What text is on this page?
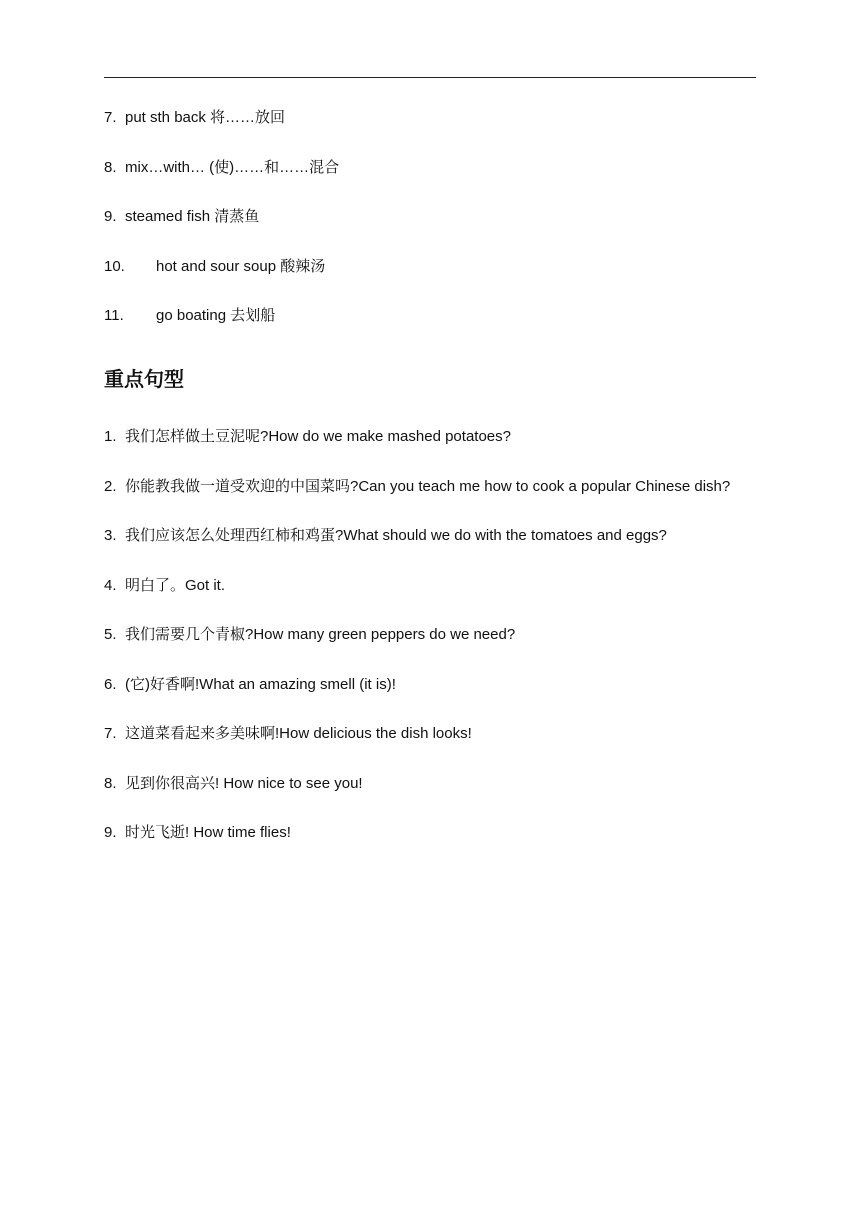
7. put sth back 将……放回
8. mix…with… (使)……和……混合
9. steamed fish 清蒸鱼
10.	hot and sour soup 酸辣汤
11.	go boating 去划船
重点句型
1. 我们怎样做土豆泥呢?How do we make mashed potatoes?
2. 你能教我做一道受欢迎的中国菜吗?Can you teach me how to cook a popular Chinese dish?
3. 我们应该怎么处理西红柿和鸡蛋?What should we do with the tomatoes and eggs?
4. 明白了。Got it.
5. 我们需要几个青椒?How many green peppers do we need?
6. (它)好香啊!What an amazing smell (it is)!
7. 这道菜看起来多美味啊!How delicious the dish looks!
8. 见到你很高兴! How nice to see you!
9. 时光飞逝! How time flies!
